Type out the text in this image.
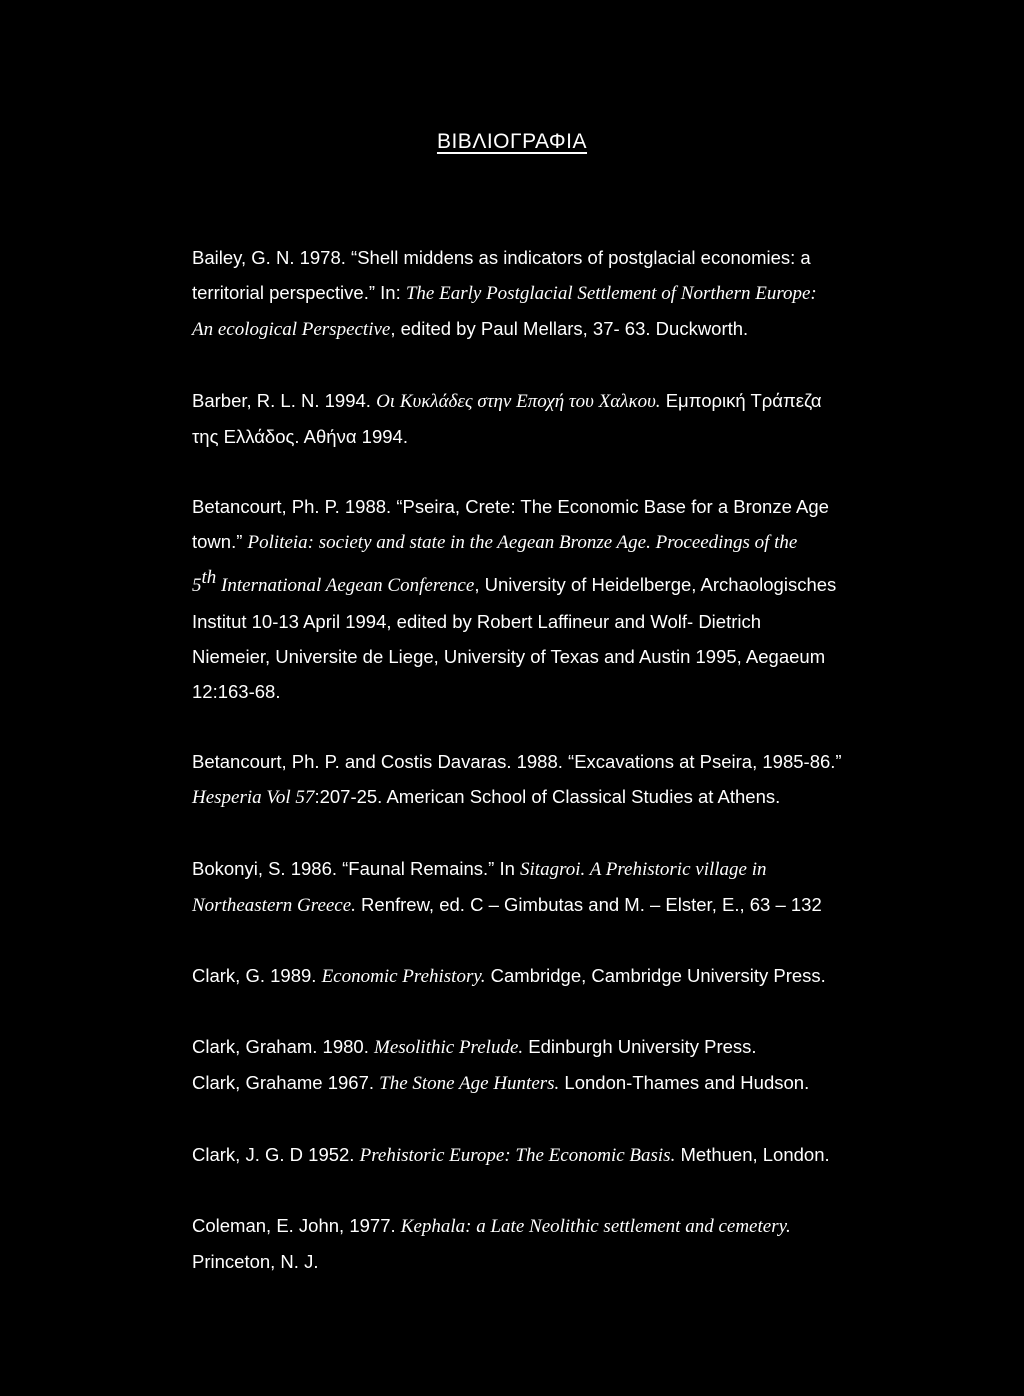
ΒΙΒΛΙΟΓΡΑΦΙΑ
Bailey, G. N. 1978. “Shell middens as indicators of postglacial economies: a
territorial perspective.” In: The Early Postglacial Settlement of Northern Europe:
An ecological Perspective, edited by Paul Mellars, 37- 63. Duckworth.
Barber, R. L. N. 1994. Οι Κυκλάδες στην Εποχή του Χαλκου. Εμπορική Τράπεζα
της Ελλάδος. Αθήνα 1994.
Betancourt, Ph. P. 1988. “Pseira, Crete: The Economic Base for a Bronze Age
town.” Politeia: society and state in the Aegean Bronze Age. Proceedings of the
5th International Aegean Conference, University of Heidelberge, Archaologisches
Institut 10-13 April 1994, edited by Robert Laffineur and Wolf- Dietrich
Niemeier, Universite de Liege, University of Texas and Austin 1995, Aegaeum
12:163-68.
Betancourt, Ph. P. and Costis Davaras. 1988. “Excavations at Pseira, 1985-86.”
Hesperia Vol 57:207-25. American School of Classical Studies at Athens.
Bokonyi, S. 1986. “Faunal Remains.” In Sitagroi. A Prehistoric village in
Northeastern Greece. Renfrew, ed. C – Gimbutas and M. – Elster, E., 63 – 132
Clark, G. 1989. Economic Prehistory. Cambridge, Cambridge University Press.
Clark, Graham. 1980. Mesolithic Prelude. Edinburgh University Press.
Clark, Grahame 1967. The Stone Age Hunters. London-Thames and Hudson.
Clark, J. G. D 1952. Prehistoric Europe: The Economic Basis. Methuen, London.
Coleman, E. John, 1977. Kephala: a Late Neolithic settlement and cemetery.
Princeton, N. J.
